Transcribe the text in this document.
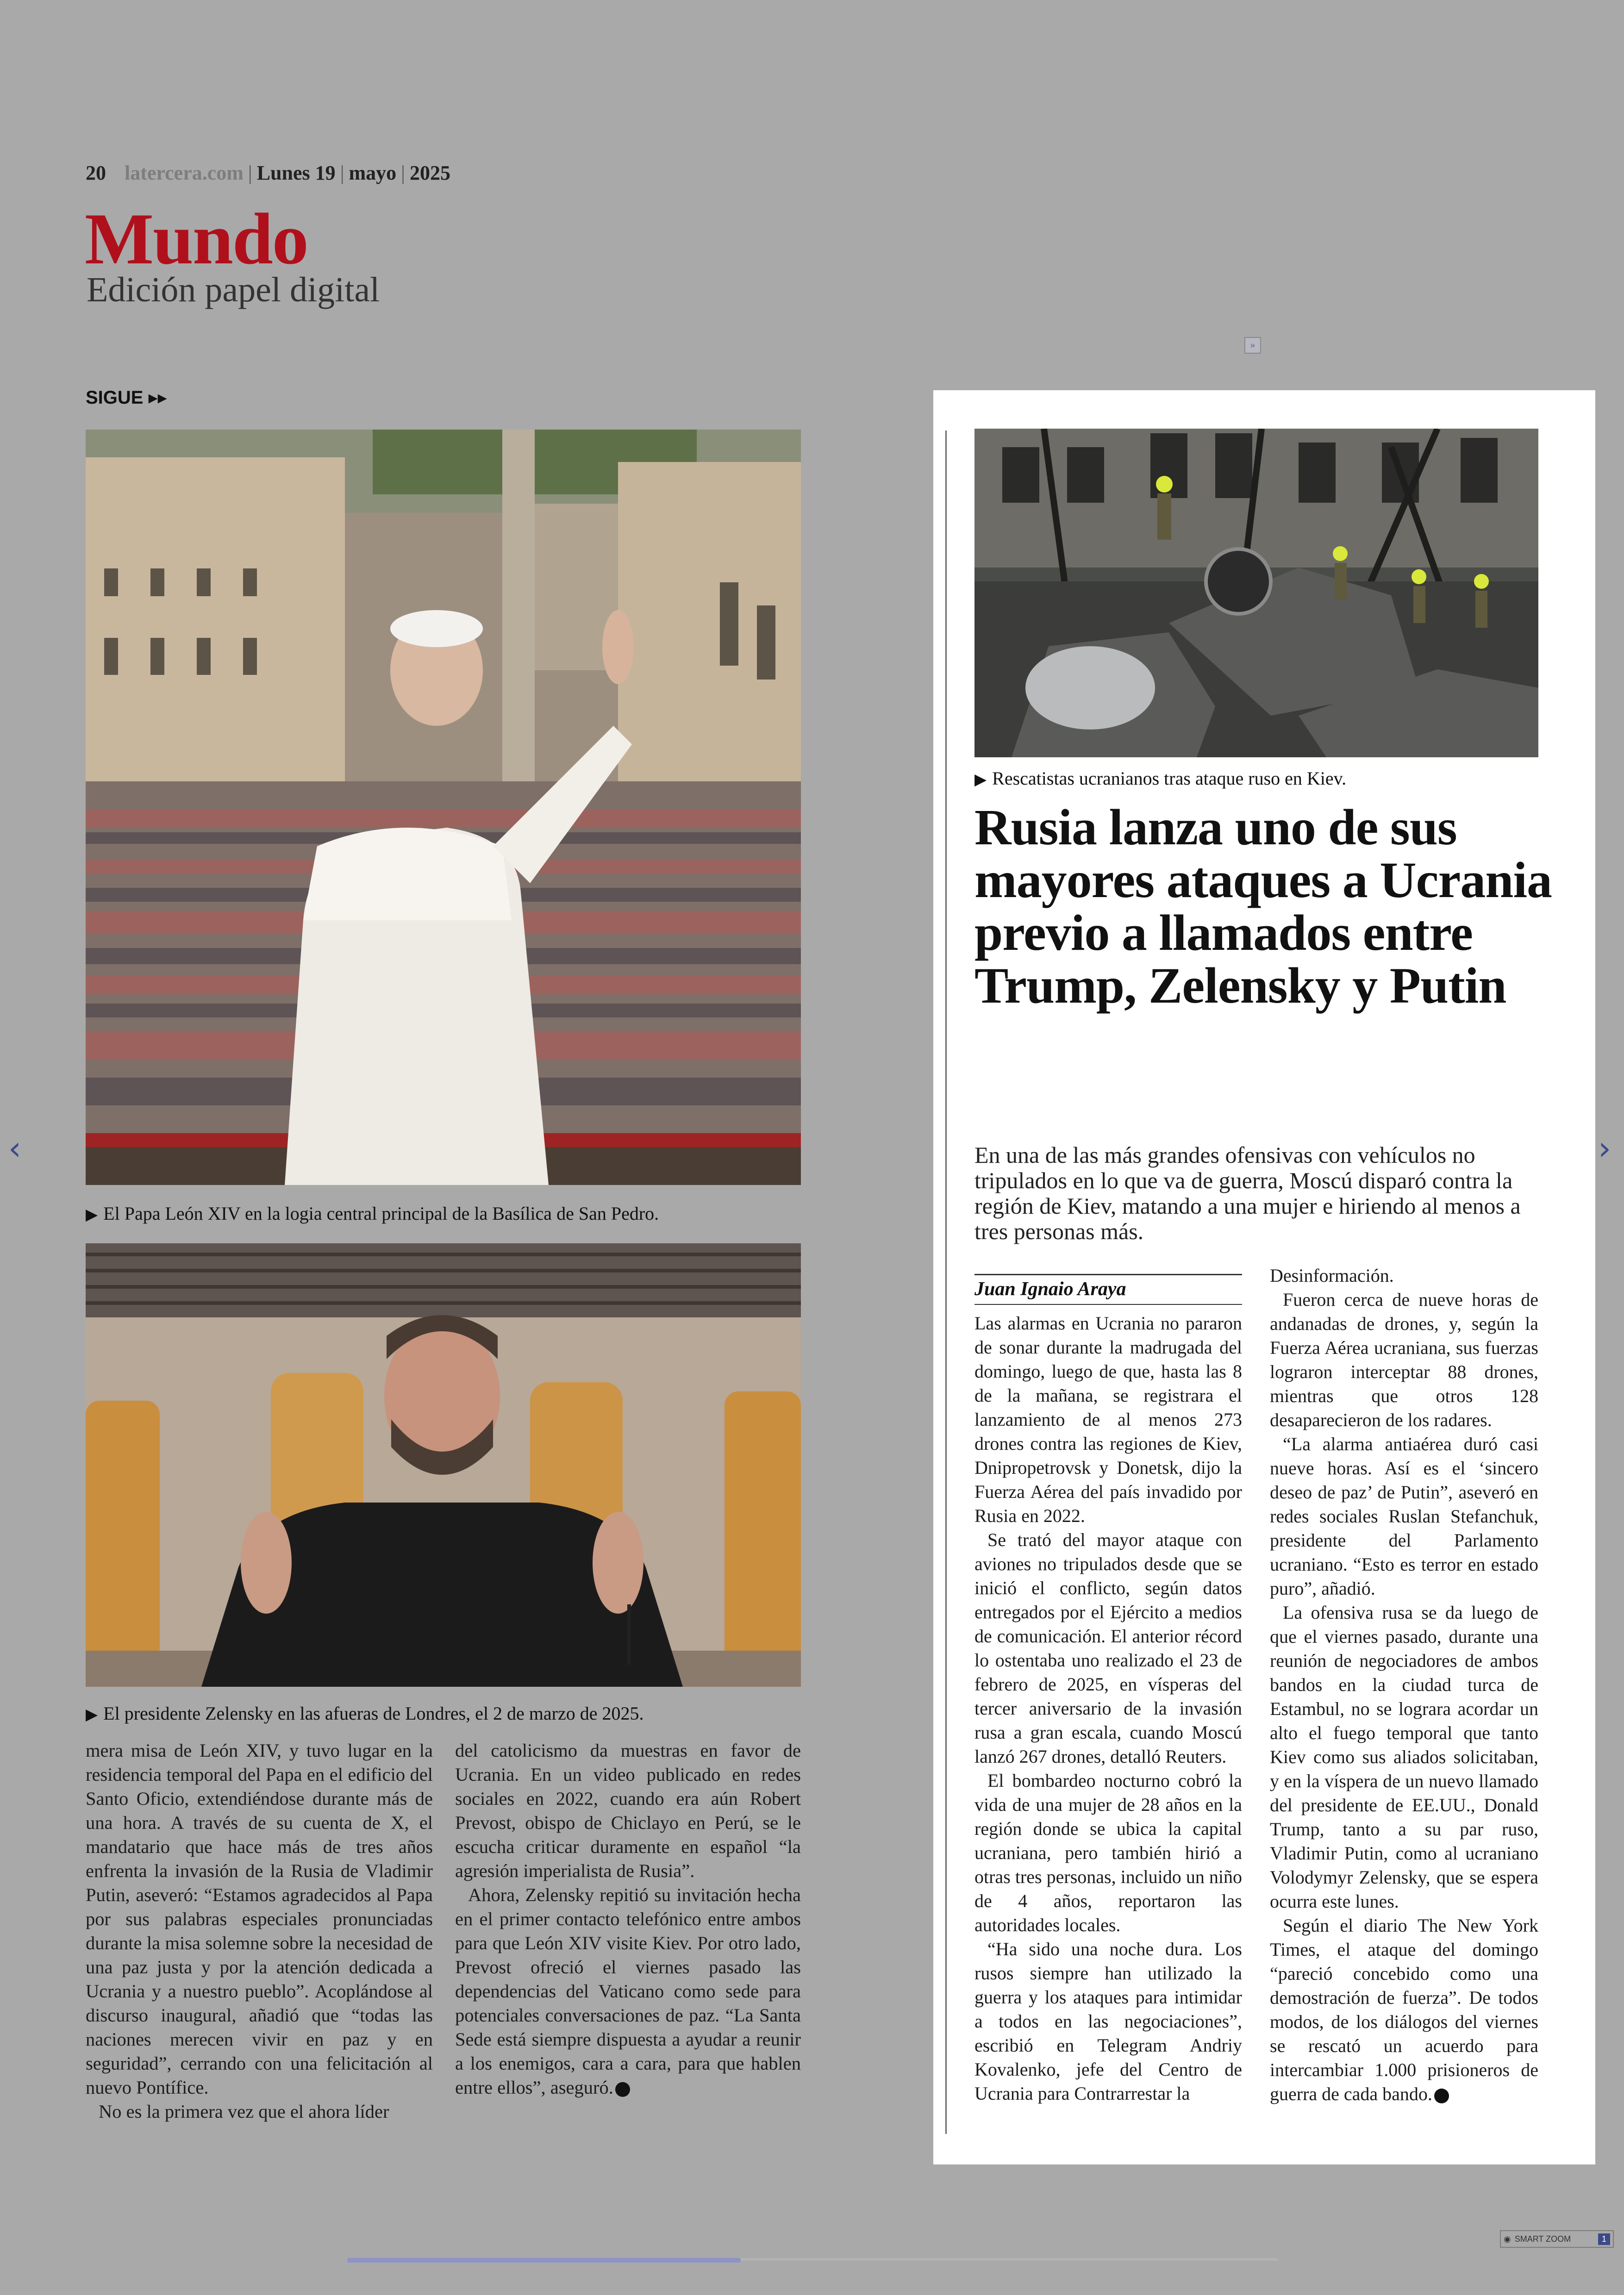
20 latercera.com | Lunes 19 | mayo | 2025
Mundo
Edición papel digital
SIGUE ▸▸
»
▶ El Papa León XIV en la logia central principal de la Basílica de San Pedro.
▶ El presidente Zelensky en las afueras de Londres, el 2 de marzo de 2025.

mera misa de León XIV, y tuvo lugar en la residencia temporal del Papa en el edificio del Santo Oficio, extendiéndose durante más de una hora. A través de su cuenta de X, el mandatario que hace más de tres años enfrenta la invasión de la Rusia de Vladimir Putin, aseveró: “Estamos agradecidos al Papa por sus palabras especiales pronunciadas durante la misa solemne sobre la necesidad de una paz justa y por la atención dedicada a Ucrania y a nuestro pueblo”. Acoplándose al discurso inaugural, añadió que “todas las naciones merecen vivir en paz y en seguridad”, cerrando con una felicitación al nuevo Pontífice.

No es la primera vez que el ahora líder

del catolicismo da muestras en favor de Ucrania. En un video publicado en redes sociales en 2022, cuando era aún Robert Prevost, obispo de Chiclayo en Perú, se le escucha criticar duramente en español “la agresión imperialista de Rusia”.

Ahora, Zelensky repitió su invitación hecha en el primer contacto telefónico entre ambos para que León XIV visite Kiev. Por otro lado, Prevost ofreció el viernes pasado las dependencias del Vaticano como sede para potenciales conversaciones de paz. “La Santa Sede está siempre dispuesta a ayudar a reunir a los enemigos, cara a cara, para que hablen entre ellos”, aseguró.

▶ Rescatistas ucranianos tras ataque ruso en Kiev.
Rusia lanza uno de sus mayores ataques a Ucrania previo a llamados entre Trump, Zelensky y Putin

En una de las más grandes ofensivas con vehículos no tripulados en lo que va de guerra, Moscú disparó contra la región de Kiev, matando a una mujer e hiriendo al menos a tres personas más.

Juan Ignaio Araya

Las alarmas en Ucrania no pararon de sonar durante la madrugada del domingo, luego de que, hasta las 8 de la mañana, se registrara el lanzamiento de al menos 273 drones contra las regiones de Kiev, Dnipropetrovsk y Donetsk, dijo la Fuerza Aérea del país invadido por Rusia en 2022.

Se trató del mayor ataque con aviones no tripulados desde que se inició el conflicto, según datos entregados por el Ejército a medios de comunicación. El anterior récord lo ostentaba uno realizado el 23 de febrero de 2025, en vísperas del tercer aniversario de la invasión rusa a gran escala, cuando Moscú lanzó 267 drones, detalló Reuters.

El bombardeo nocturno cobró la vida de una mujer de 28 años en la región donde se ubica la capital ucraniana, pero también hirió a otras tres personas, incluido un niño de 4 años, reportaron las autoridades locales.

“Ha sido una noche dura. Los rusos siempre han utilizado la guerra y los ataques para intimidar a todos en las negociaciones”, escribió en Telegram Andriy Kovalenko, jefe del Centro de Ucrania para Contrarrestar la

Desinformación.

Fueron cerca de nueve horas de andanadas de drones, y, según la Fuerza Aérea ucraniana, sus fuerzas lograron interceptar 88 drones, mientras que otros 128 desaparecieron de los radares.

“La alarma antiaérea duró casi nueve horas. Así es el ‘sincero deseo de paz’ de Putin”, aseveró en redes sociales Ruslan Stefanchuk, presidente del Parlamento ucraniano. “Esto es terror en estado puro”, añadió.

La ofensiva rusa se da luego de que el viernes pasado, durante una reunión de negociadores de ambos bandos en la ciudad turca de Estambul, no se lograra acordar un alto el fuego temporal que tanto Kiev como sus aliados solicitaban, y en la víspera de un nuevo llamado del presidente de EE.UU., Donald Trump, tanto a su par ruso, Vladimir Putin, como al ucraniano Volodymyr Zelensky, que se espera ocurra este lunes.

Según el diario The New York Times, el ataque del domingo “pareció concebido como una demostración de fuerza”. De todos modos, de los diálogos del viernes se rescató un acuerdo para intercambiar 1.000 prisioneros de guerra de cada bando.

‹	›
◉ SMART ZOOM	1
